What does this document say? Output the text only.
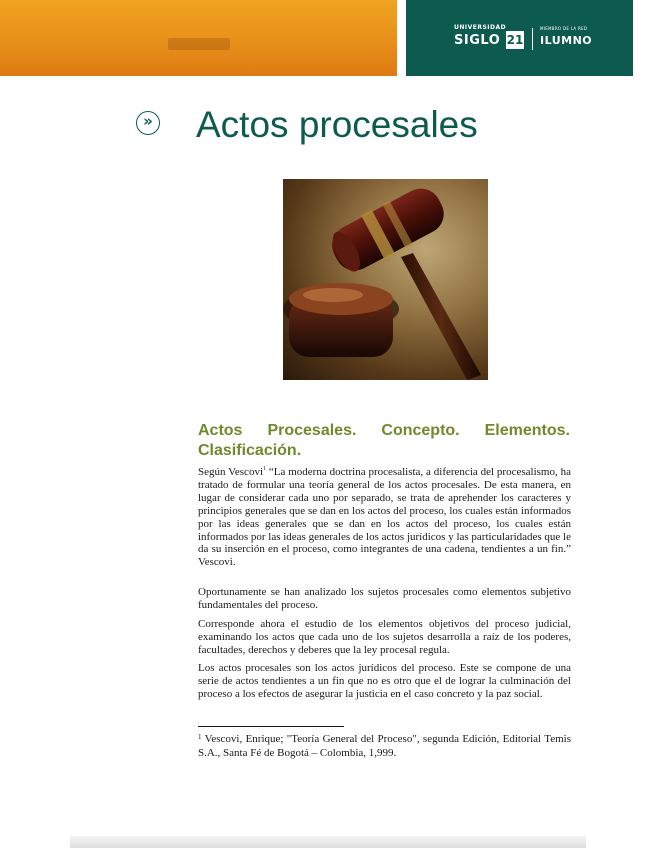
UNIVERSIDAD
SIGLO 21
MIEMBRO DE LA RED
ILUMNO
» Actos procesales
Actos Procesales. Concepto. Elementos. Clasificación.

Según Vescovi$^1$ “La moderna doctrina procesalista, a diferencia del procesalismo, ha tratado de formular una teoría general de los actos procesales. De esta manera, en lugar de considerar cada uno por separado, se trata de aprehender los caracteres y principios generales que se dan en los actos del proceso, los cuales están informados por las ideas generales que se dan en los actos del proceso, los cuales están informados por las ideas generales de los actos jurídicos y las particularidades que le da su inserción en el proceso, como integrantes de una cadena, tendientes a un fin.” Vescovi.

Oportunamente se han analizado los sujetos procesales como elementos subjetivo fundamentales del proceso.

Corresponde ahora el estudio de los elementos objetivos del proceso judicial, examinando los actos que cada uno de los sujetos desarrolla a raíz de los poderes, facultades, derechos y deberes que la ley procesal regula.

Los actos procesales son los actos jurídicos del proceso. Este se compone de una serie de actos tendientes a un fin que no es otro que el de lograr la culminación del proceso a los efectos de asegurar la justicia en el caso concreto y la paz social.

$^1$ Vescovi, Enrique; "Teoría General del Proceso", segunda Edición, Editorial Temis S.A., Santa Fé de Bogotá – Colombia, 1,999.
